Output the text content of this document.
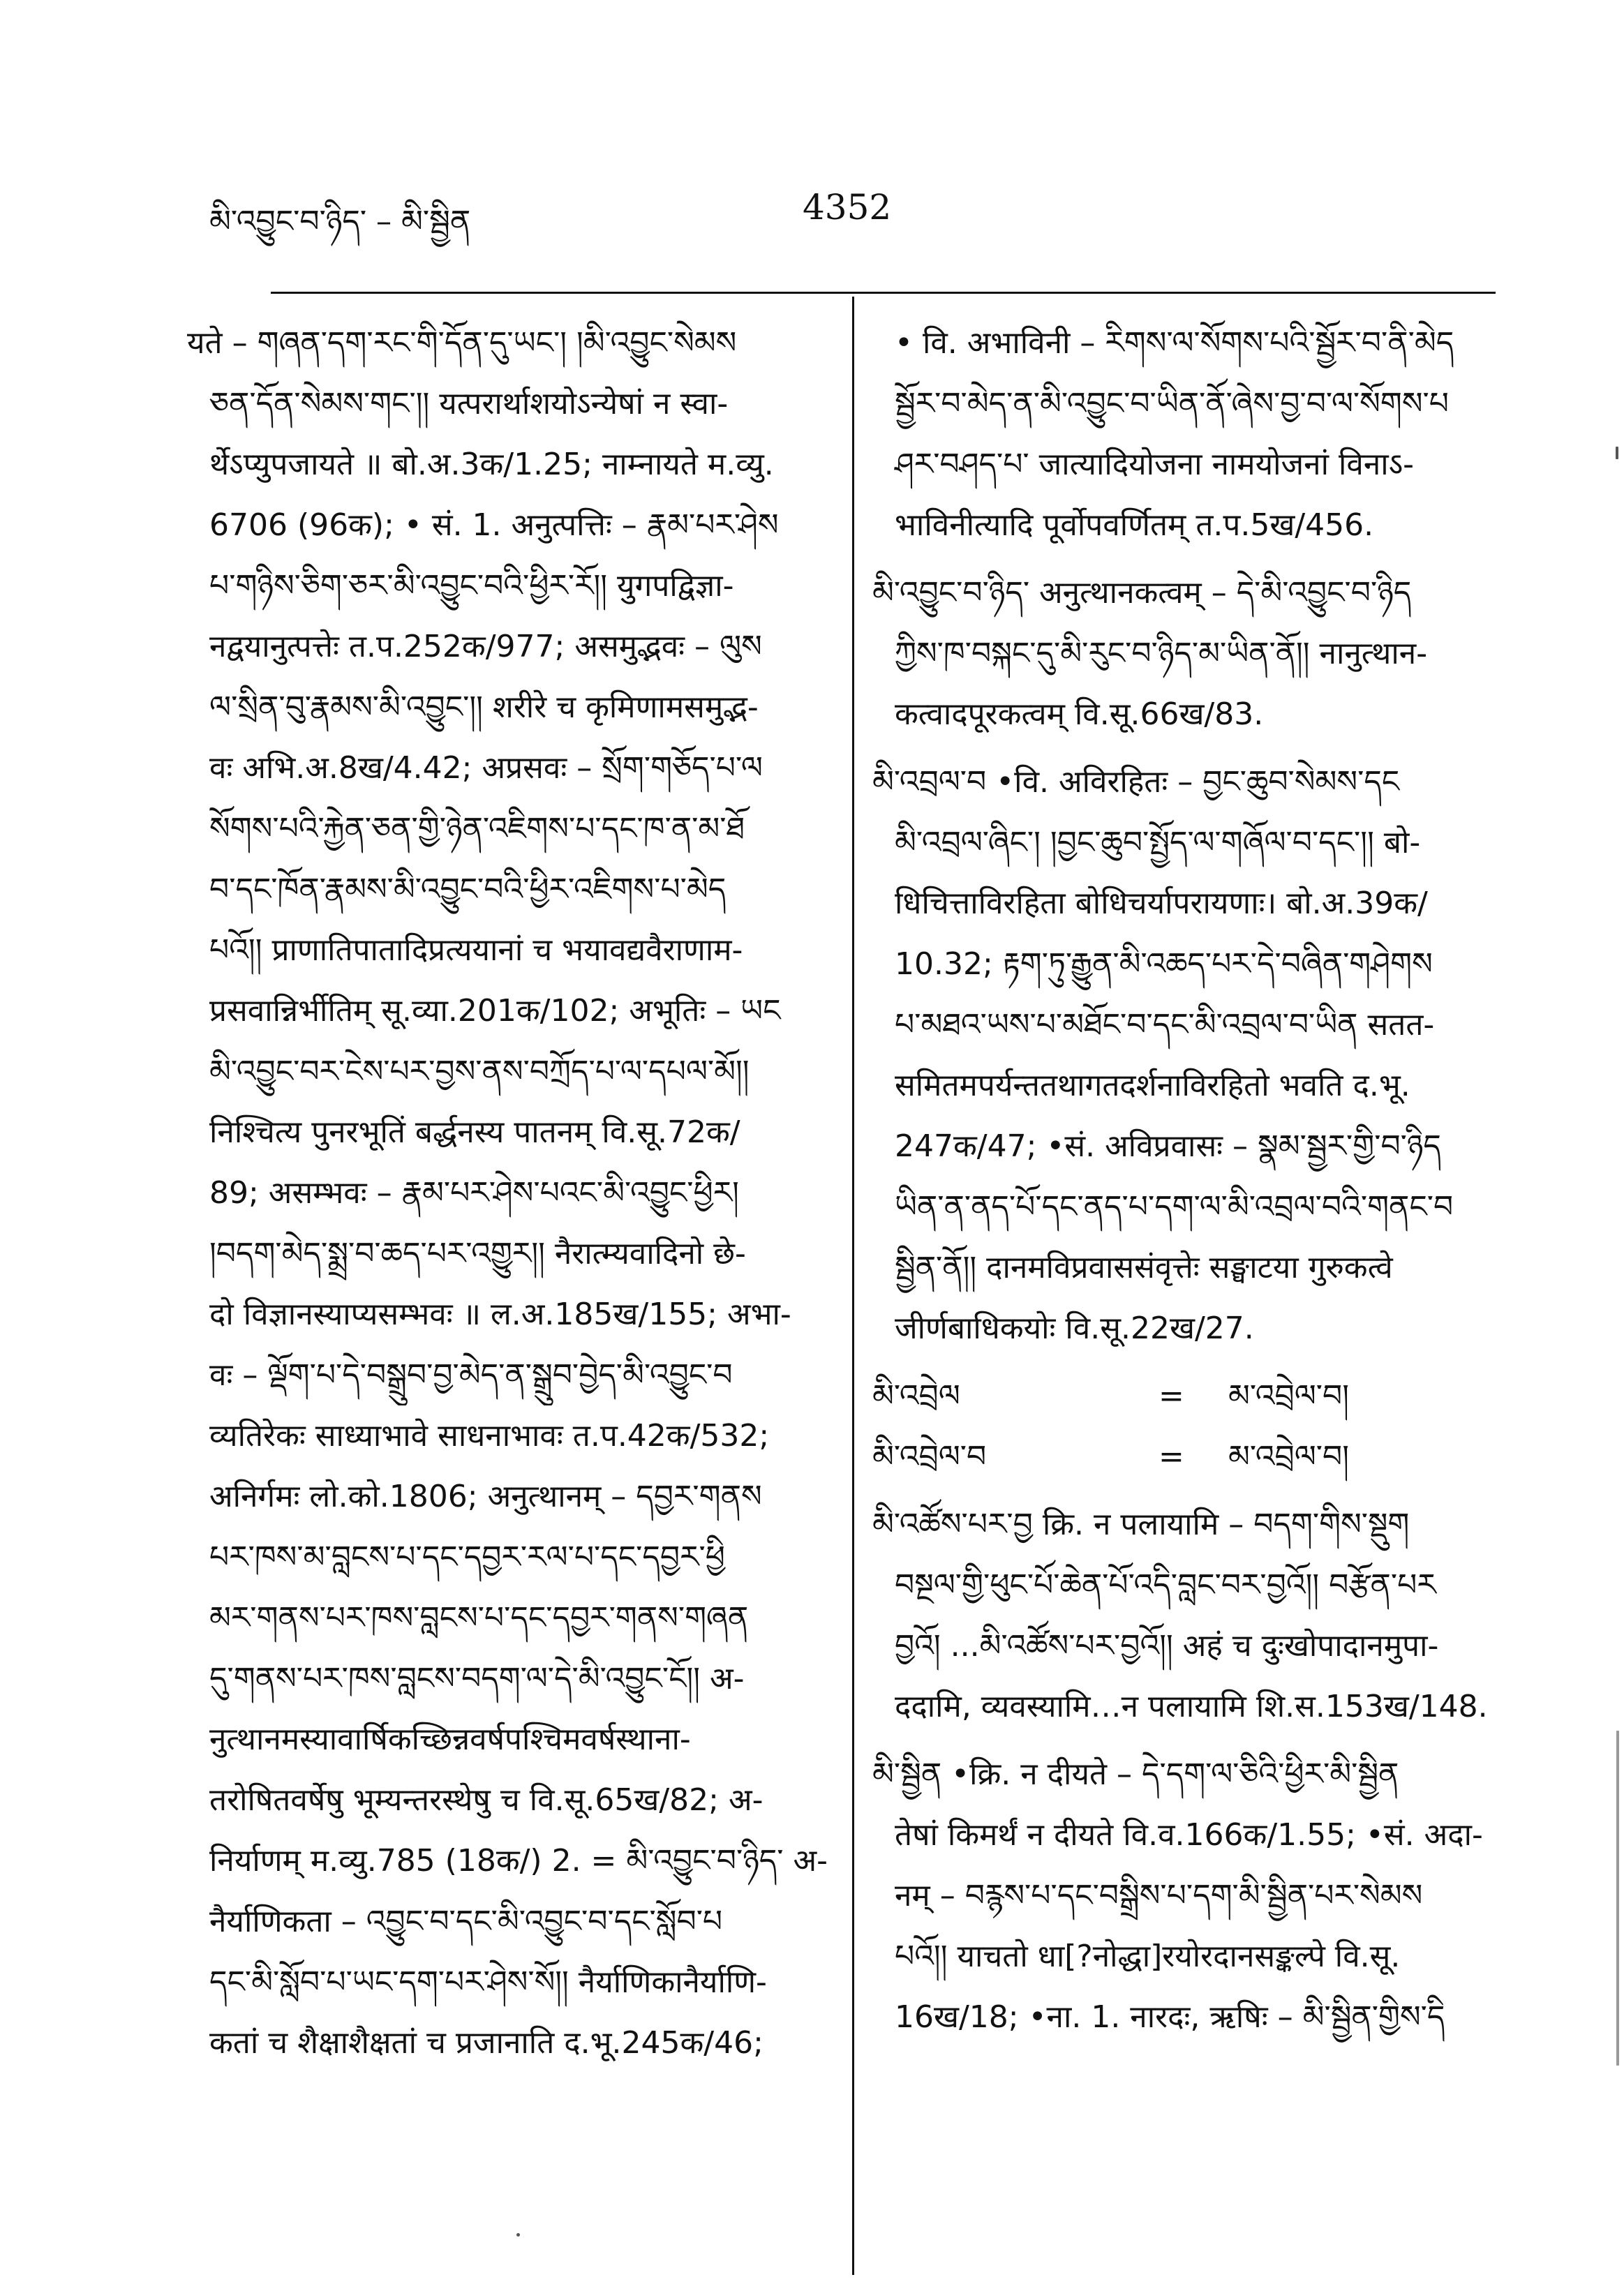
མི་འབྱུང་བ་ཉིད་ – མི་སྦྱིན	4352
यते – གཞན་དག་རང་གི་དོན་དུ་ཡང་། །མི་འབྱུང་སེམས
ཅན་དོན་སེམས་གང་།། यत्परार्थाशयोऽन्येषां न स्वा-
र्थेऽप्युपजायते ॥ बो.अ.3क/1.25; नाम्नायते म.व्यु.
6706 (96क); • सं. 1. अनुत्पत्तिः – རྣམ་པར་ཤེས
པ་གཉིས་ཅིག་ཅར་མི་འབྱུང་བའི་ཕྱིར་རོ།། युगपद्विज्ञा-
नद्वयानुत्पत्तेः त.प.252क/977; असमुद्भवः – ལུས
ལ་སྲིན་བུ་རྣམས་མི་འབྱུང་།། शरीरे च कृमिणामसमुद्भ-
वः अभि.अ.8ख/4.42; अप्रसवः – སྲོག་གཅོད་པ་ལ
སོགས་པའི་རྐྱེན་ཅན་གྱི་ཉེན་འཇིགས་པ་དང་ཁ་ན་མ་ཐོ
བ་དང་ཁོན་རྣམས་མི་འབྱུང་བའི་ཕྱིར་འཇིགས་པ་མེད
པའོ།། प्राणातिपातादिप्रत्ययानां च भयावद्यवैराणाम-
प्रसवान्निर्भीतिम् सू.व्या.201क/102; अभूतिः – ཡང
མི་འབྱུང་བར་ངེས་པར་བྱས་ནས་བཀྲོད་པ་ལ་དཔལ་མོ།།
निश्चित्य पुनरभूतिं बर्द्धनस्य पातनम् वि.सू.72क/
89; असम्भवः – རྣམ་པར་ཤེས་པའང་མི་འབྱུང་ཕྱིར།
།བདག་མེད་སྨྲ་བ་ཆད་པར་འགྱུར།། नैरात्म्यवादिनो छे-
दो विज्ञानस्याप्यसम्भवः ॥ ल.अ.185ख/155; अभा-
वः – ལྡོག་པ་དེ་བསྒྲུབ་བྱ་མེད་ན་སྒྲུབ་བྱེད་མི་འབྱུང་བ
व्यतिरेकः साध्याभावे साधनाभावः त.प.42क/532;
अनिर्गमः लो.को.1806; अनुत्थानम् – དབྱར་གནས
པར་ཁས་མ་བླངས་པ་དང་དབྱར་རལ་པ་དང་དབྱར་ཕྱི
མར་གནས་པར་ཁས་བླངས་པ་དང་དབྱར་གནས་གཞན
དུ་གནས་པར་ཁས་བླངས་བདག་ལ་དེ་མི་འབྱུང་ངོ།། अ-
नुत्थानमस्यावार्षिकच्छिन्नवर्षपश्चिमवर्षस्थाना-
तरोषितवर्षेषु भूम्यन्तरस्थेषु च वि.सू.65ख/82; अ-
निर्याणम् म.व्यु.785 (18क/) 2. = མི་འབྱུང་བ་ཉིད་ अ-
नैर्याणिकता – འབྱུང་བ་དང་མི་འབྱུང་བ་དང་སློབ་པ
དང་མི་སློབ་པ་ཡང་དག་པར་ཤེས་སོ།། नैर्याणिकानैर्याणि-
कतां च शैक्षाशैक्षतां च प्रजानाति द.भू.245क/46;
• वि. अभाविनी – རིགས་ལ་སོགས་པའི་སྦྱོར་བ་ནི་མེད
སྦྱོར་བ་མེད་ན་མི་འབྱུང་བ་ཡིན་ནོ་ཞེས་བྱ་བ་ལ་སོགས་པ
ཤར་བཤད་པ་ जात्यादियोजना नामयोजनां विनाऽ-
भाविनीत्यादि पूर्वोपवर्णितम् त.प.5ख/456.
མི་འབྱུང་བ་ཉིད་ अनुत्थानकत्वम् – དེ་མི་འབྱུང་བ་ཉིད
ཀྱིས་ཁ་བསྐང་དུ་མི་རུང་བ་ཉིད་མ་ཡིན་ནོ།། नानुत्थान-
कत्वादपूरकत्वम् वि.सू.66ख/83.
མི་འབྲལ་བ •वि. अविरहितः – བྱང་ཆུབ་སེམས་དང
མི་འབྲལ་ཞིང་། །བྱང་ཆུབ་སྤྱོད་ལ་གཞོལ་བ་དང་།། बो-
धिचित्ताविरहिता बोधिचर्यापरायणाः। बो.अ.39क/
10.32; རྟག་ཏུ་རྒྱུན་མི་འཆད་པར་དེ་བཞིན་གཤེགས
པ་མཐའ་ཡས་པ་མཐོང་བ་དང་མི་འབྲལ་བ་ཡིན सतत-
समितमपर्यन्ततथागतदर्शनाविरहितो भवति द.भू.
247क/47; •सं. अविप्रवासः – སྣམ་སྦྱར་གྱི་བ་ཉིད
ཡིན་ན་ནད་པོ་དང་ནད་པ་དག་ལ་མི་འབྲལ་བའི་གནང་བ
སྦྱིན་ནོ།། दानमविप्रवाससंवृत्तेः सङ्घाटया गुरुकत्वे
जीर्णबाधिकयोः वि.सू.22ख/27.
མི་འབྲེལ	= མ་འབྲེལ་བ།
མི་འབྲེལ་བ	= མ་འབྲེལ་བ།
མི་འཚོས་པར་བྱ क्रि. न पलायामि – བདག་གིས་སྡུག
བསྔལ་གྱི་ཕུང་པོ་ཆེན་པོ་འདི་བླང་བར་བྱའོ།། བརྩོན་པར
བྱའོ། ...མི་འཚོས་པར་བྱའོ།། अहं च दुःखोपादानमुपा-
ददामि, व्यवस्यामि…न पलायामि शि.स.153ख/148.
མི་སྦྱིན •क्रि. न दीयते – དེ་དག་ལ་ཅིའི་ཕྱིར་མི་སྦྱིན
तेषां किमर्थं न दीयते वि.व.166क/1.55; •सं. अदा-
नम् – བརྙས་པ་དང་བསྒྲིས་པ་དག་མི་སྦྱིན་པར་སེམས
པའོ།། याचतो धा[?नोद्धा]रयोरदानसङ्कल्पे वि.सू.
16ख/18; •ना. 1. नारदः, ऋषिः – མི་སྦྱིན་གྱིས་དི
